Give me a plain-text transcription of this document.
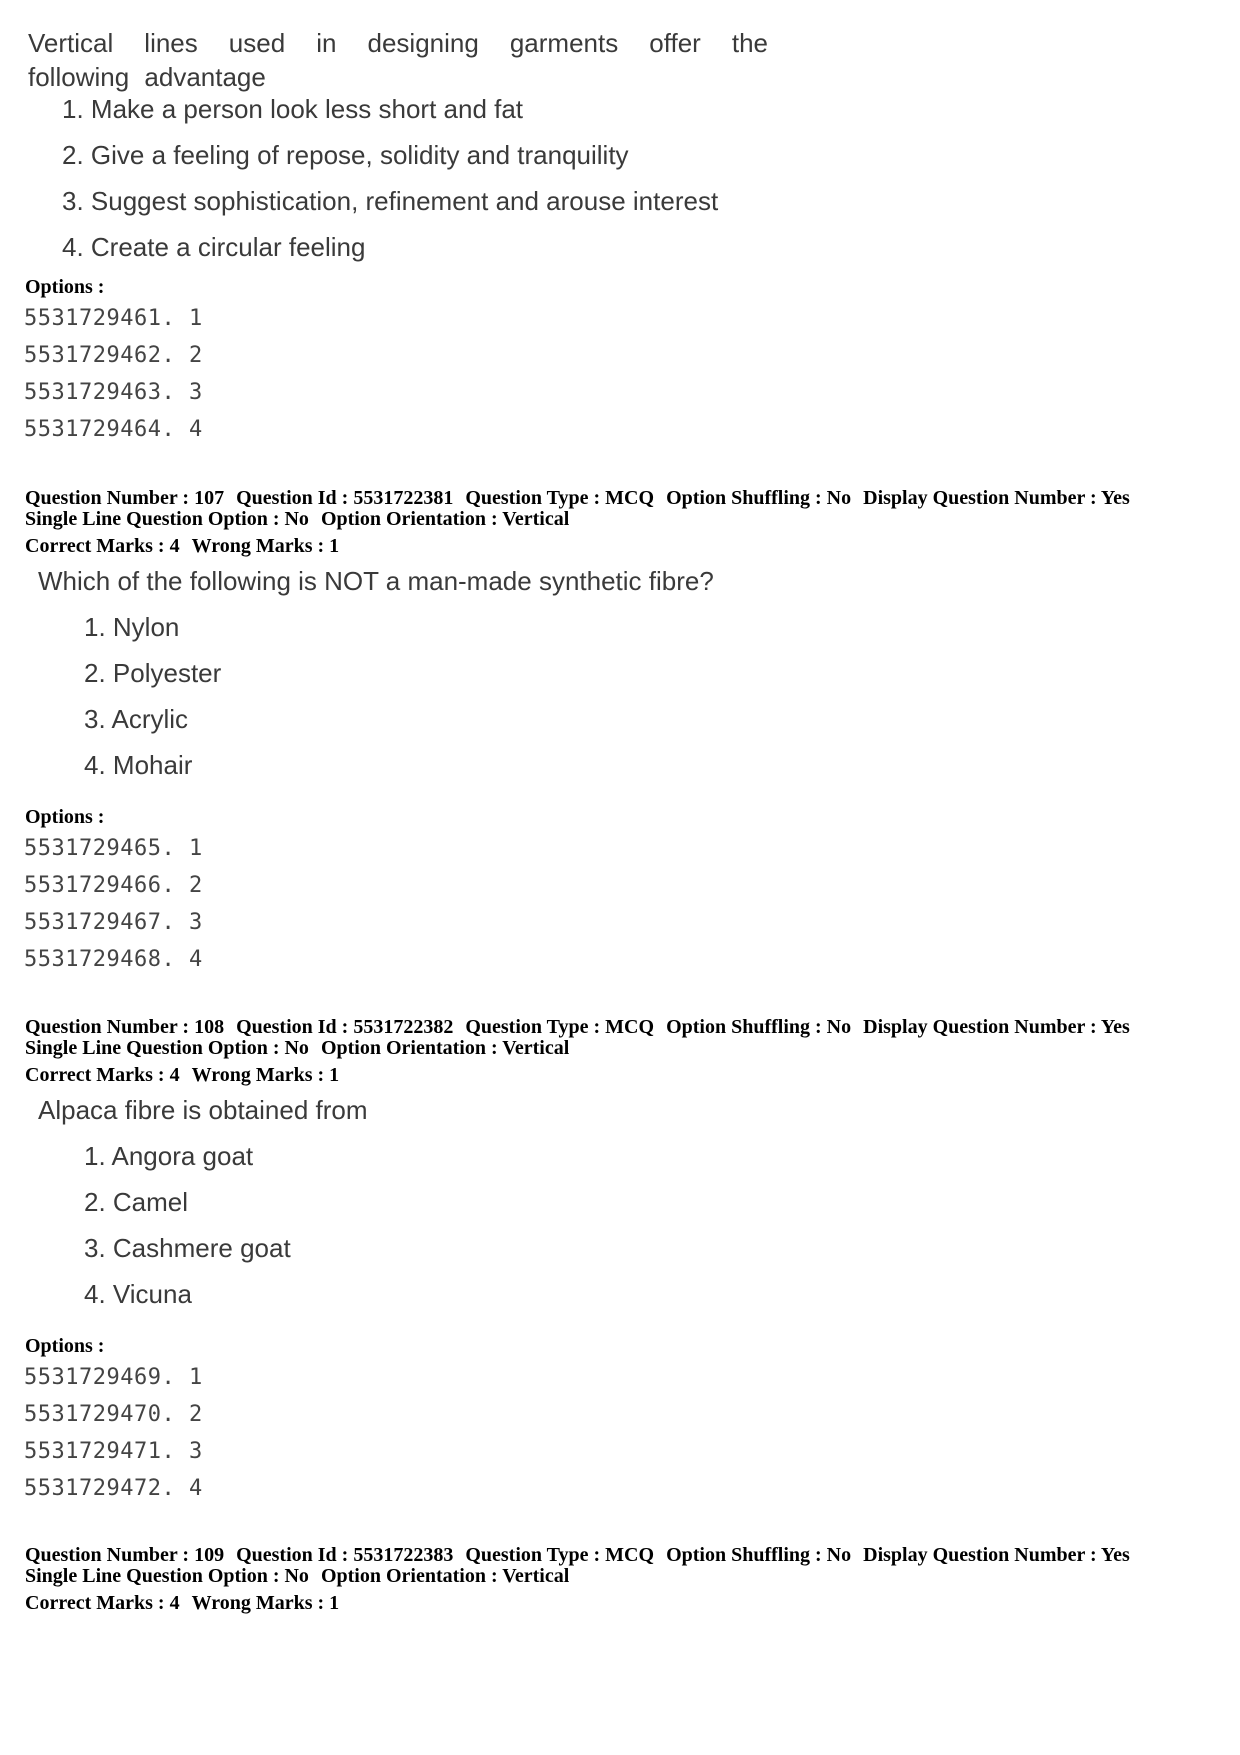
Vertical lines used in designing garments offer the following advantage
1. Make a person look less short and fat
2. Give a feeling of repose, solidity and tranquility
3. Suggest sophistication, refinement and arouse interest
4. Create a circular feeling
Options :
5531729461. 1
5531729462. 2
5531729463. 3
5531729464. 4
Question Number : 107 Question Id : 5531722381 Question Type : MCQ Option Shuffling : No Display Question Number : Yes
Single Line Question Option : No Option Orientation : Vertical
Correct Marks : 4 Wrong Marks : 1
Which of the following is NOT a man-made synthetic fibre?
1. Nylon
2. Polyester
3. Acrylic
4. Mohair
Options :
5531729465. 1
5531729466. 2
5531729467. 3
5531729468. 4
Question Number : 108 Question Id : 5531722382 Question Type : MCQ Option Shuffling : No Display Question Number : Yes
Single Line Question Option : No Option Orientation : Vertical
Correct Marks : 4 Wrong Marks : 1
Alpaca fibre is obtained from
1. Angora goat
2. Camel
3. Cashmere goat
4. Vicuna
Options :
5531729469. 1
5531729470. 2
5531729471. 3
5531729472. 4
Question Number : 109 Question Id : 5531722383 Question Type : MCQ Option Shuffling : No Display Question Number : Yes
Single Line Question Option : No Option Orientation : Vertical
Correct Marks : 4 Wrong Marks : 1
